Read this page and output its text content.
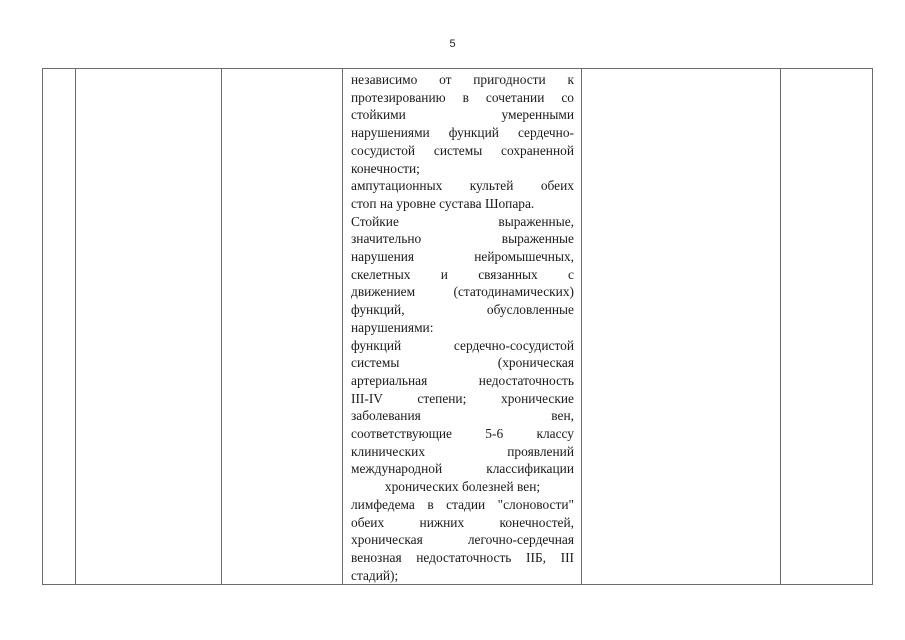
5

независимо от пригодности к
протезированию в сочетании со
стойкими умеренными
нарушениями функций сердечно-
сосудистой системы сохраненной
конечности;
ампутационных культей обеих
стоп на уровне сустава Шопара.
Стойкие выраженные,
значительно выраженные
нарушения нейромышечных,
скелетных и связанных с
движением (статодинамических)
функций, обусловленные
нарушениями:
функций сердечно-сосудистой
системы (хроническая
артериальная недостаточность
III-IV степени; хронические
заболевания вен,
соответствующие 5-6 классу
клинических проявлений
международной классификации
хронических болезней вен;
лимфедема в стадии "слоновости"
обеих нижних конечностей,
хроническая легочно-сердечная
венозная недостаточность IIБ, III
стадий);
